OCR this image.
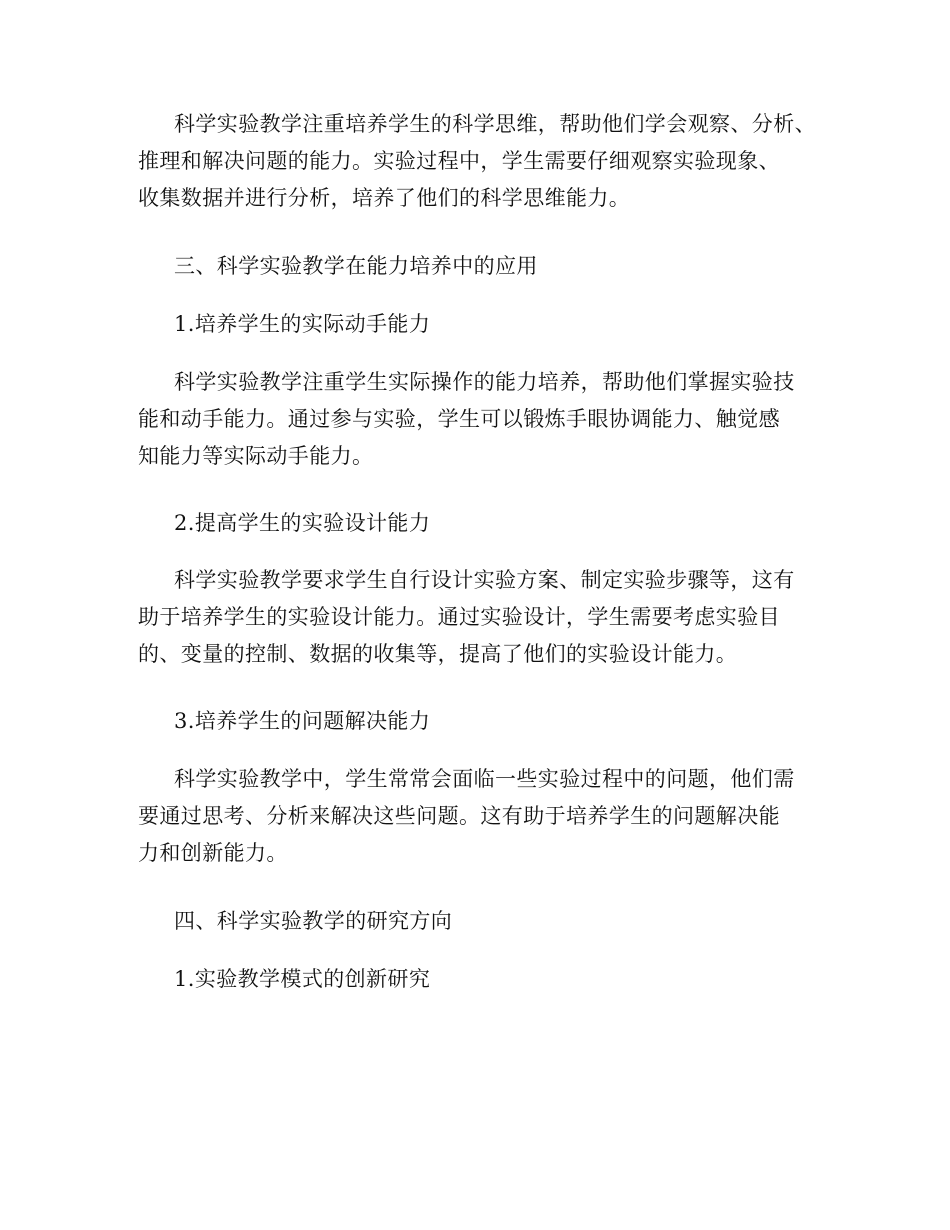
科学实验教学注重培养学生的科学思维，帮助他们学会观察、分析、
推理和解决问题的能力。实验过程中，学生需要仔细观察实验现象、
收集数据并进行分析，培养了他们的科学思维能力。
三、科学实验教学在能力培养中的应用
1.培养学生的实际动手能力
科学实验教学注重学生实际操作的能力培养，帮助他们掌握实验技
能和动手能力。通过参与实验，学生可以锻炼手眼协调能力、触觉感
知能力等实际动手能力。
2.提高学生的实验设计能力
科学实验教学要求学生自行设计实验方案、制定实验步骤等，这有
助于培养学生的实验设计能力。通过实验设计，学生需要考虑实验目
的、变量的控制、数据的收集等，提高了他们的实验设计能力。
3.培养学生的问题解决能力
科学实验教学中，学生常常会面临一些实验过程中的问题，他们需
要通过思考、分析来解决这些问题。这有助于培养学生的问题解决能
力和创新能力。
四、科学实验教学的研究方向
1.实验教学模式的创新研究
